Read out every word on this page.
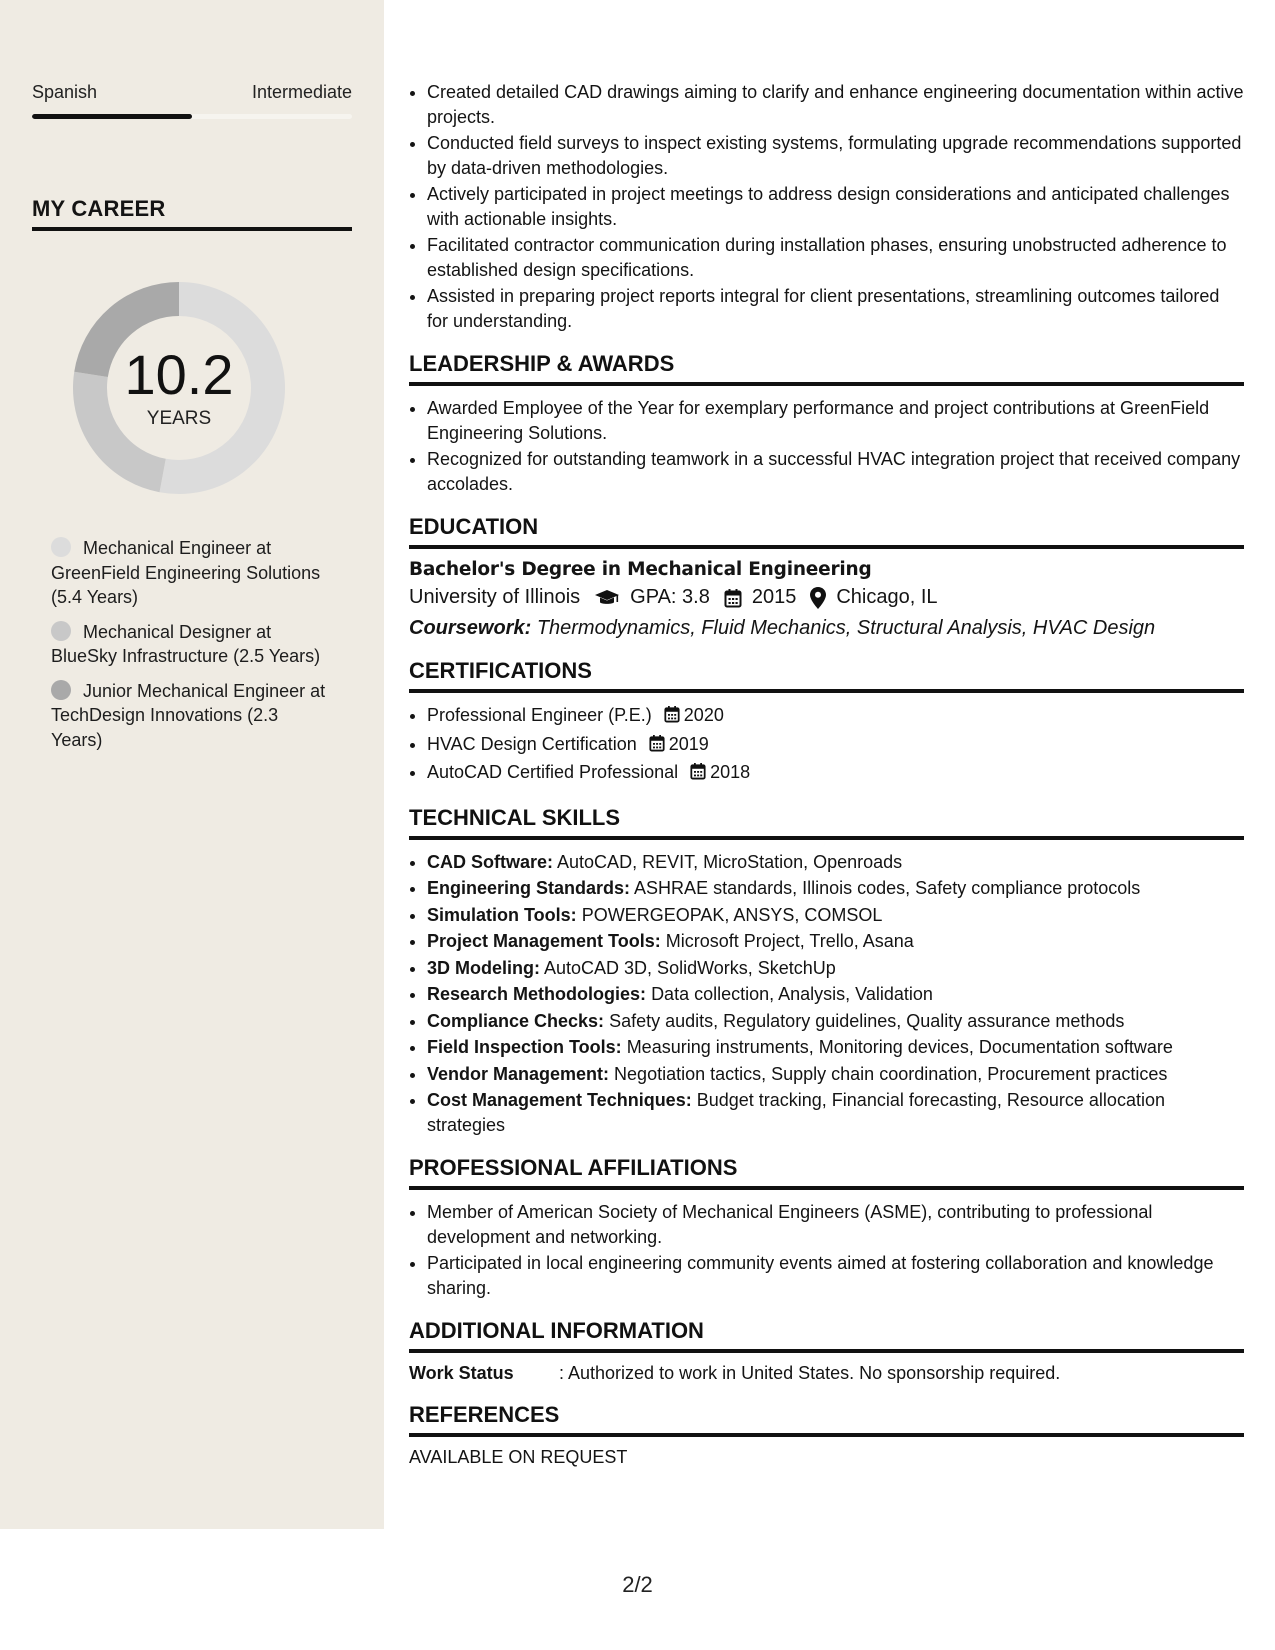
Spanish	Intermediate
MY CAREER
10.2
YEARS
Mechanical Engineer at GreenField Engineering Solutions (5.4 Years)
Mechanical Designer at BlueSky Infrastructure (2.5 Years)
Junior Mechanical Engineer at TechDesign Innovations (2.3 Years)
• Created detailed CAD drawings aiming to clarify and enhance engineering documentation within active projects.
• Conducted field surveys to inspect existing systems, formulating upgrade recommendations supported by data-driven methodologies.
• Actively participated in project meetings to address design considerations and anticipated challenges with actionable insights.
• Facilitated contractor communication during installation phases, ensuring unobstructed adherence to established design specifications.
• Assisted in preparing project reports integral for client presentations, streamlining outcomes tailored for understanding.
LEADERSHIP & AWARDS
• Awarded Employee of the Year for exemplary performance and project contributions at GreenField Engineering Solutions.
• Recognized for outstanding teamwork in a successful HVAC integration project that received company accolades.
EDUCATION
Bachelor's Degree in Mechanical Engineering
University of Illinois	GPA: 3.8 2015 Chicago, IL
Coursework: Thermodynamics, Fluid Mechanics, Structural Analysis, HVAC Design
CERTIFICATIONS
• Professional Engineer (P.E.) 2020
• HVAC Design Certification 2019
• AutoCAD Certified Professional 2018
TECHNICAL SKILLS
• CAD Software: AutoCAD, REVIT, MicroStation, Openroads
• Engineering Standards: ASHRAE standards, Illinois codes, Safety compliance protocols
• Simulation Tools: POWERGEOPAK, ANSYS, COMSOL
• Project Management Tools: Microsoft Project, Trello, Asana
• 3D Modeling: AutoCAD 3D, SolidWorks, SketchUp
• Research Methodologies: Data collection, Analysis, Validation
• Compliance Checks: Safety audits, Regulatory guidelines, Quality assurance methods
• Field Inspection Tools: Measuring instruments, Monitoring devices, Documentation software
• Vendor Management: Negotiation tactics, Supply chain coordination, Procurement practices
• Cost Management Techniques: Budget tracking, Financial forecasting, Resource allocation strategies
PROFESSIONAL AFFILIATIONS
• Member of American Society of Mechanical Engineers (ASME), contributing to professional development and networking.
• Participated in local engineering community events aimed at fostering collaboration and knowledge sharing.
ADDITIONAL INFORMATION
Work Status	: Authorized to work in United States. No sponsorship required.
REFERENCES
AVAILABLE ON REQUEST
2/2
